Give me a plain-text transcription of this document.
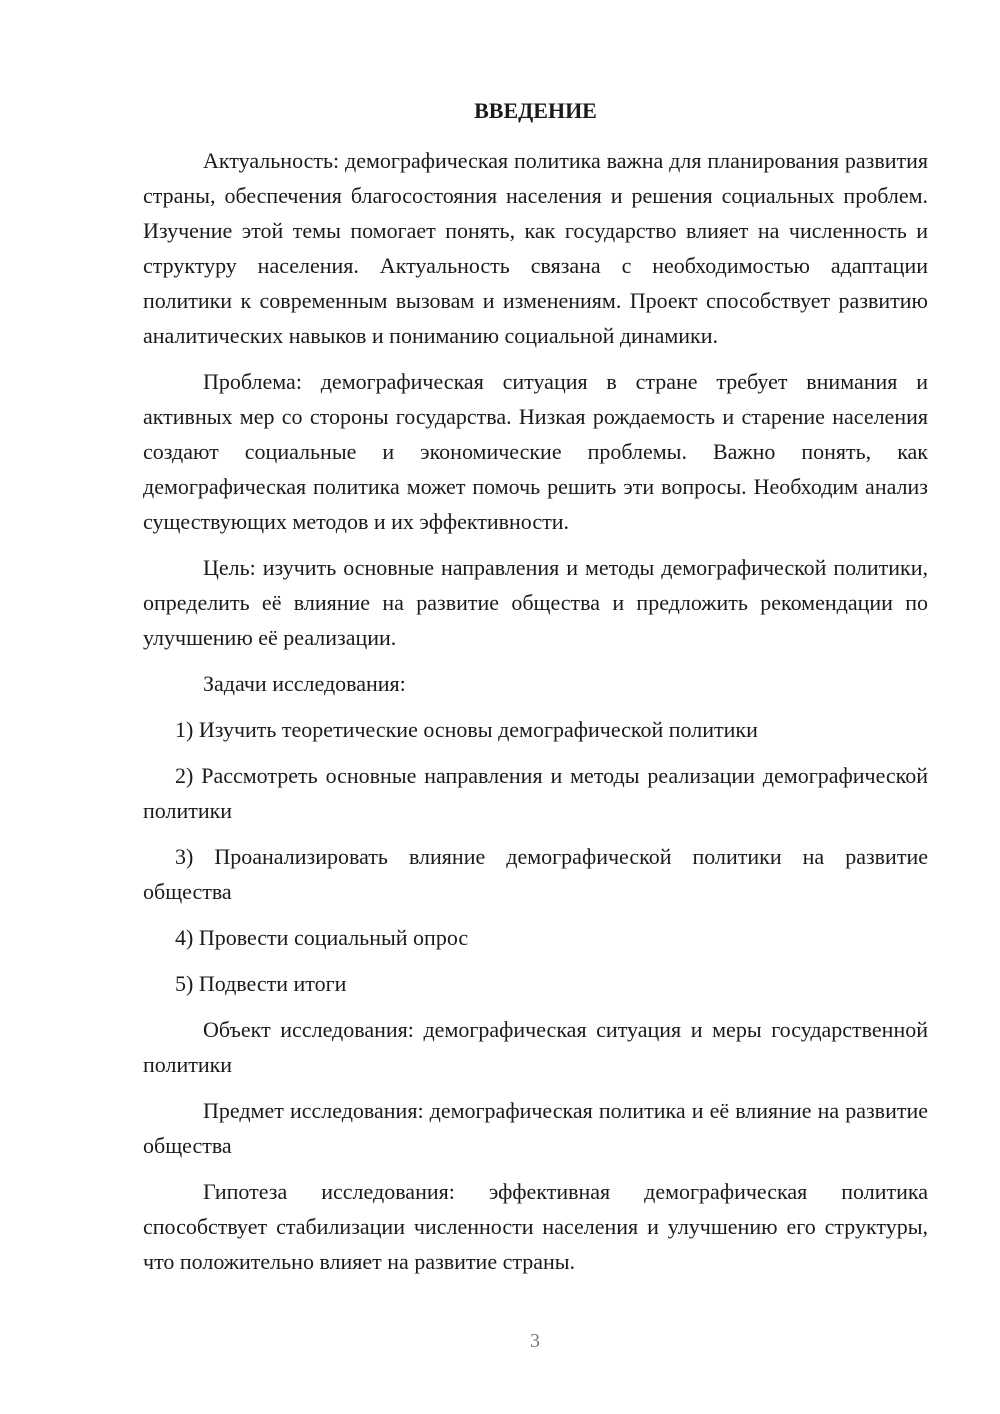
ВВЕДЕНИЕ

Актуальность: демографическая политика важна для планирования развития страны, обеспечения благосостояния населения и решения социальных проблем. Изучение этой темы помогает понять, как государство влияет на численность и структуру населения. Актуальность связана с необходимостью адаптации политики к современным вызовам и изменениям. Проект способствует развитию аналитических навыков и пониманию социальной динамики.

Проблема: демографическая ситуация в стране требует внимания и активных мер со стороны государства. Низкая рождаемость и старение населения создают социальные и экономические проблемы. Важно понять, как демографическая политика может помочь решить эти вопросы. Необходим анализ существующих методов и их эффективности.

Цель: изучить основные направления и методы демографической политики, определить её влияние на развитие общества и предложить рекомендации по улучшению её реализации.

Задачи исследования:

1) Изучить теоретические основы демографической политики

2) Рассмотреть основные направления и методы реализации демографической политики

3) Проанализировать влияние демографической политики на развитие общества

4) Провести социальный опрос

5) Подвести итоги

Объект исследования: демографическая ситуация и меры государственной политики

Предмет исследования: демографическая политика и её влияние на развитие общества

Гипотеза исследования: эффективная демографическая политика способствует стабилизации численности населения и улучшению его структуры, что положительно влияет на развитие страны.

3
